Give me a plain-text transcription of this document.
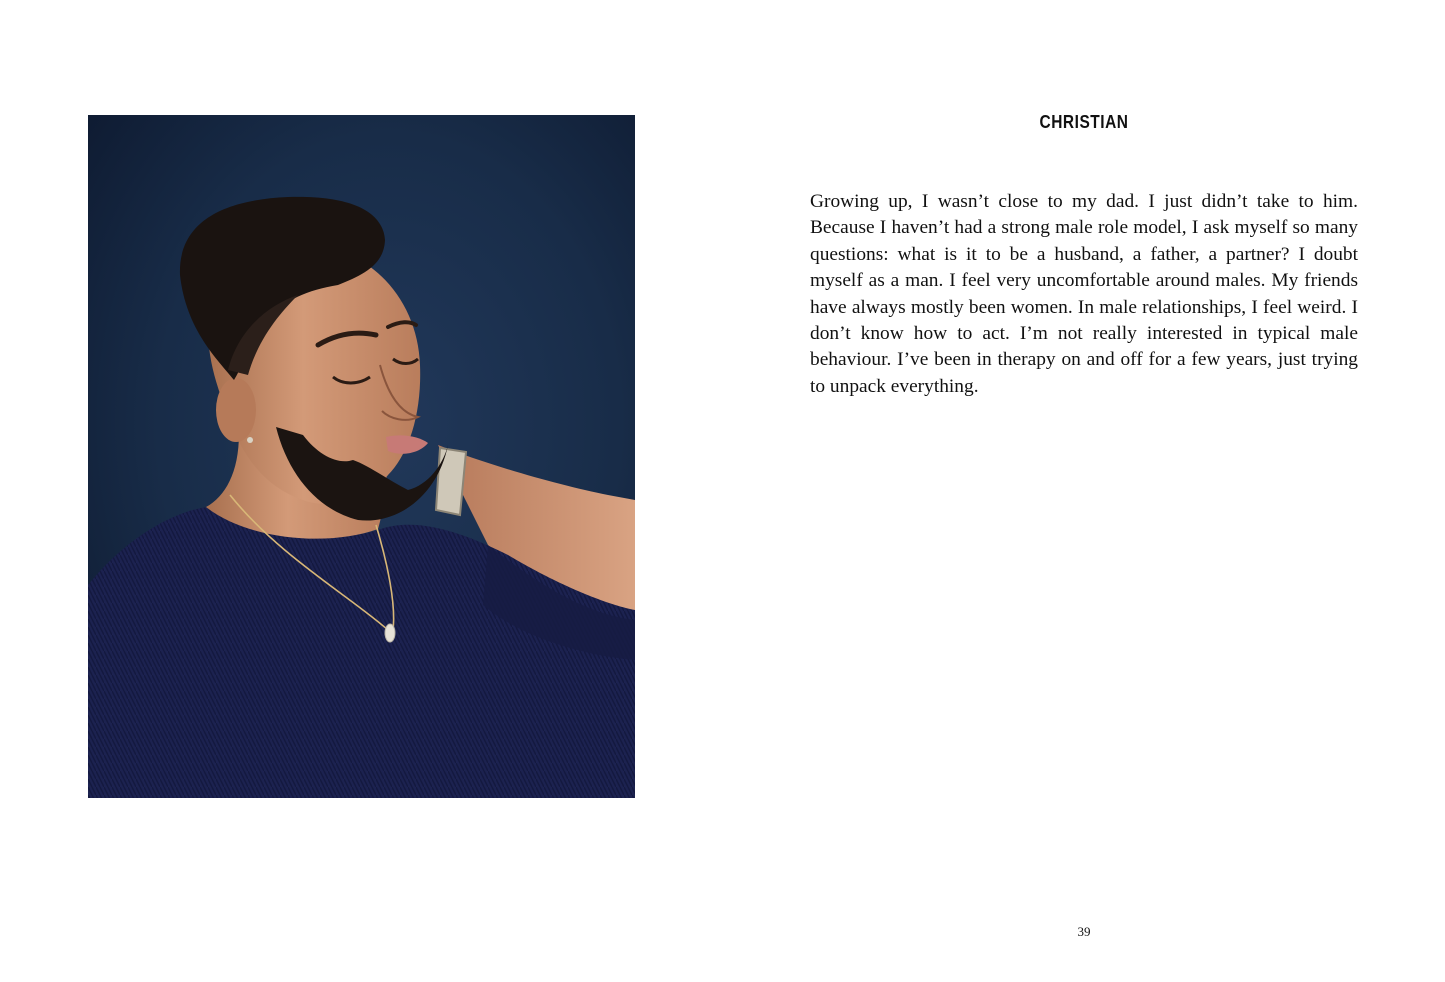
CHRISTIAN

Growing up, I wasn’t close to my dad. I just didn’t take to him. Because I haven’t had a strong male role model, I ask myself so many questions: what is it to be a husband, a father, a partner? I doubt myself as a man. I feel very uncomfortable around males. My friends have always mostly been women. In male relationships, I feel weird. I don’t know how to act. I’m not really interested in typical male behaviour. I’ve been in therapy on and off for a few years, just trying to unpack everything.

39
